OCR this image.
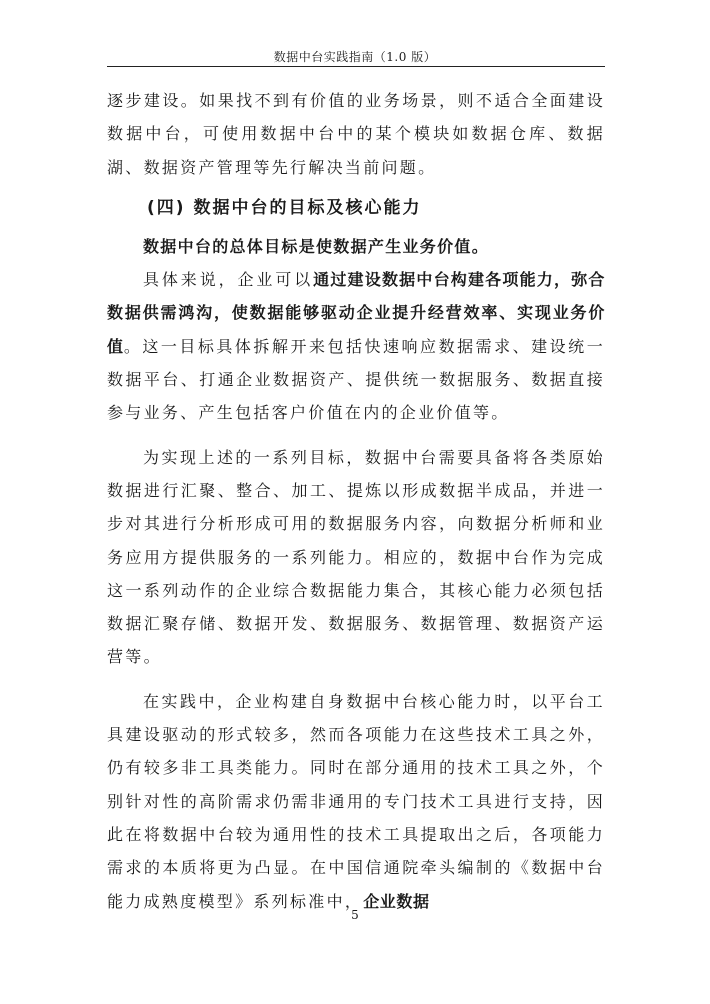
数据中台实践指南（1.0 版）

逐步建设。如果找不到有价值的业务场景，则不适合全面建设数据中台，可使用数据中台中的某个模块如数据仓库、数据湖、数据资产管理等先行解决当前问题。

(四) 数据中台的目标及核心能力

数据中台的总体目标是使数据产生业务价值。

具体来说，企业可以通过建设数据中台构建各项能力，弥合数据供需鸿沟，使数据能够驱动企业提升经营效率、实现业务价值。这一目标具体拆解开来包括快速响应数据需求、建设统一数据平台、打通企业数据资产、提供统一数据服务、数据直接参与业务、产生包括客户价值在内的企业价值等。

为实现上述的一系列目标，数据中台需要具备将各类原始数据进行汇聚、整合、加工、提炼以形成数据半成品，并进一步对其进行分析形成可用的数据服务内容，向数据分析师和业务应用方提供服务的一系列能力。相应的，数据中台作为完成这一系列动作的企业综合数据能力集合，其核心能力必须包括数据汇聚存储、数据开发、数据服务、数据管理、数据资产运营等。

在实践中，企业构建自身数据中台核心能力时，以平台工具建设驱动的形式较多，然而各项能力在这些技术工具之外，仍有较多非工具类能力。同时在部分通用的技术工具之外，个别针对性的高阶需求仍需非通用的专门技术工具进行支持，因此在将数据中台较为通用性的技术工具提取出之后，各项能力需求的本质将更为凸显。在中国信通院牵头编制的《数据中台能力成熟度模型》系列标准中，企业数据

5
